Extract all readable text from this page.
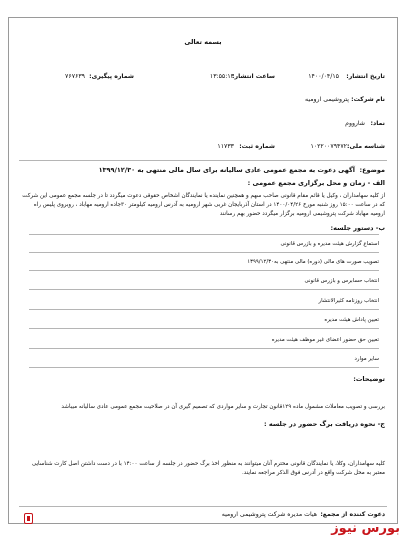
بسمه تعالی
تاریخ انتشار:
۱۴۰۰/۰۴/۱۵
ساعت انتشار:
۱۳:۵۵:۱۳
شماره پیگیری:
۷۶۷۶۳۹
نام شرکت:
پتروشیمی ارومیه
نماد:
شارووم
شناسه ملی:
۱۰۲۲۰۰۷۹۴۷۲
شماره ثبت:
۱۱۷۳۳
موضوع:
آگهی دعوت به مجمع عمومی عادی سالیانه برای سال مالی منتهی به ۱۳۹۹/۱۲/۳۰
الف - زمان و محل برگزاری مجمع عمومی :
از کلیه سهامداران ، وکیل یا قائم مقام قانونی صاحب سهم و همچنین نماینده یا نمایندگان اشخاص حقوقی دعوت میگردد تا در جلسه مجمع عمومی این شرکت که در ساعت ۱۵:۰۰ روز شنبه مورخ ۱۴۰۰/۰۴/۲۶ در استان آذربایجان غربی شهر ارومیه به آدرس ارومیه کیلومتر ۳۰جاده ارومیه مهاباد ، روبروی پلیس راه ارومیه مهاباد شرکت پتروشیمی ارومیه برگزار میگردد حضور بهم رسانند
ب- دستور جلسه:
استماع گزارش هیئت مدیره و بازرس قانونی
تصویب صورت های مالی (دوره) مالی منتهی به۱۳۹۹/۱۲/۳۰
انتخاب حسابرس و بازرس قانونی
انتخاب روزنامه کثیرالانتشار
تعیین پاداش هیئت مدیره
تعیین حق حضور اعضای غیر موظف هیئت مدیره
سایر موارد
توضیحات:
بررسی و تصویب معاملات مشمول ماده ۱۲۹قانون تجارت و سایر مواردی که تصمیم گیری آن در صلاحیت مجمع عمومی عادی سالیانه میباشد
ج- نحوه دریافت برگ حضور در جلسه :
کلیه سهامداران، وکلا، یا نمایندگان قانونی محترم آنان میتوانند به منظور اخذ برگ حضور در جلسه از ساعت ۱۴:۰۰ با در دست داشتن اصل کارت شناسایی معتبر به محل شرکت واقع در آدرس فوق الذکر مراجعه نمایند.
دعوت کننده از مجمع:
هیات مدیره شرکت پتروشیمی ارومیه
بورس نیوز
